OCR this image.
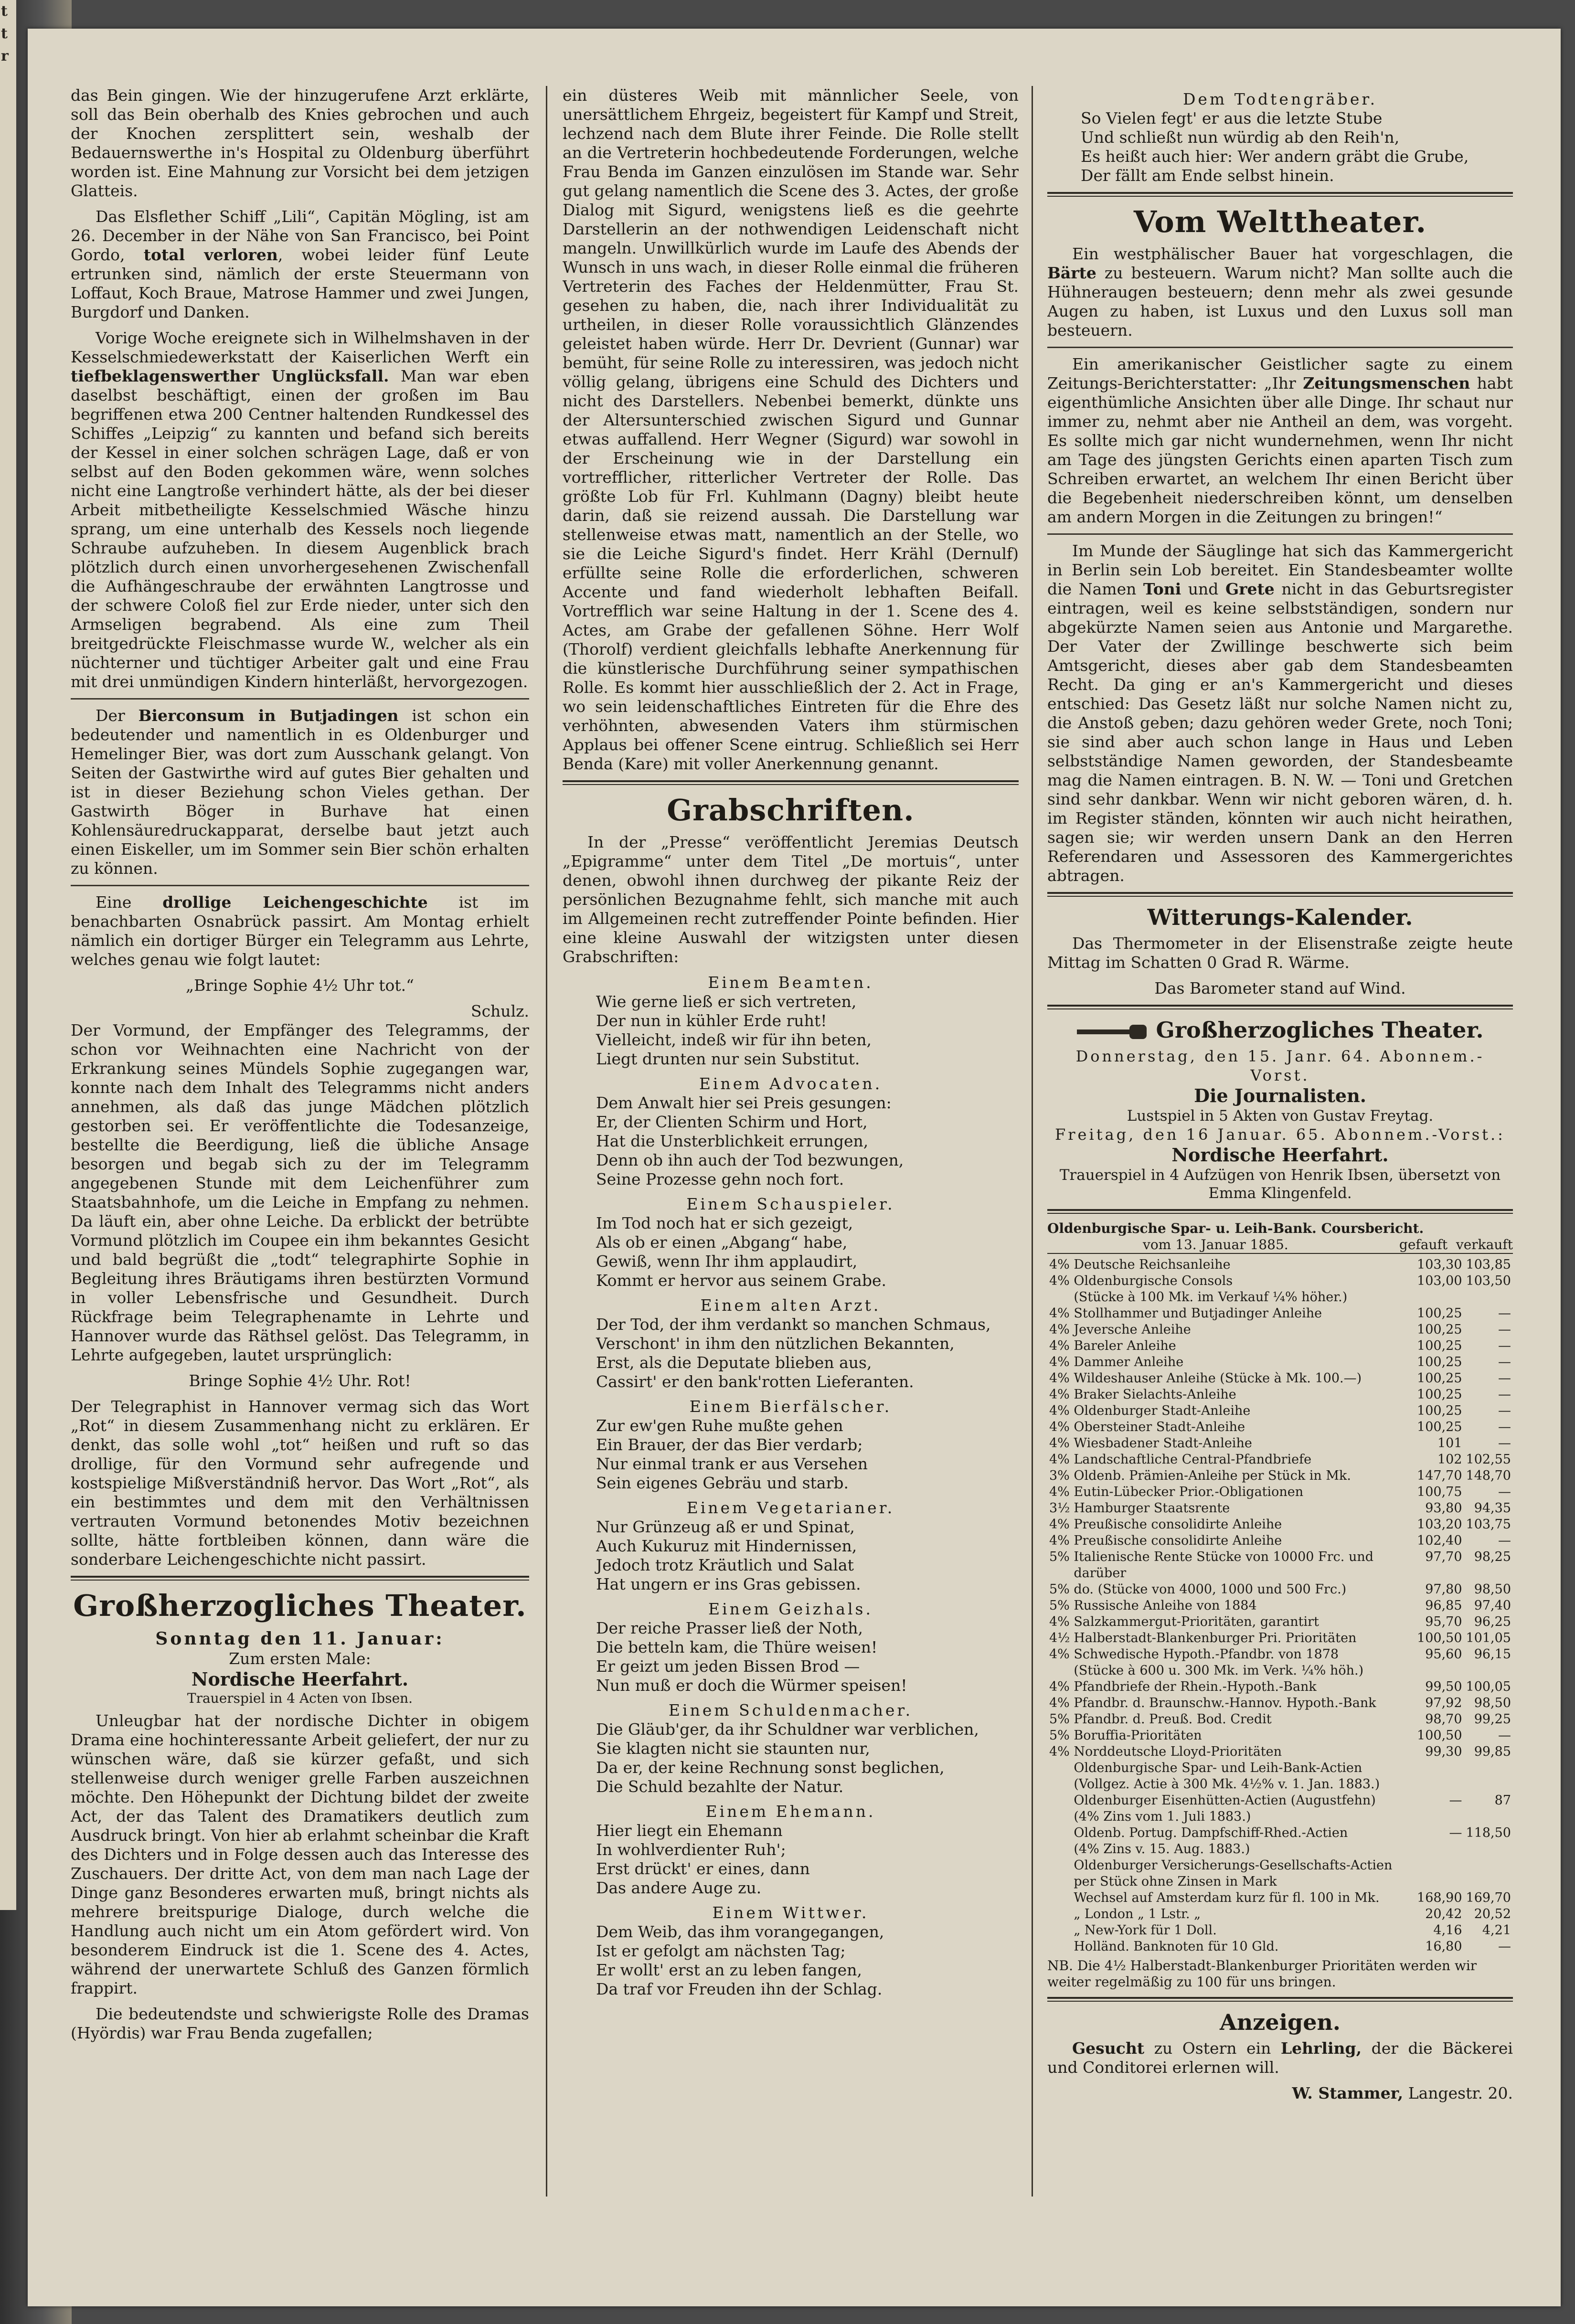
t
t
r

das Bein gingen. Wie der hinzugerufene Arzt erklärte, soll das Bein oberhalb des Knies gebrochen und auch der Knochen zersplittert sein, weshalb der Bedauernswerthe in's Hospital zu Oldenburg überführt worden ist. Eine Mahnung zur Vorsicht bei dem jetzigen Glatteis.

Das Elsflether Schiff „Lili“, Capitän Mögling, ist am 26. December in der Nähe von San Francisco, bei Point Gordo, total verloren, wobei leider fünf Leute ertrunken sind, nämlich der erste Steuermann von Loffaut, Koch Braue, Matrose Hammer und zwei Jungen, Burgdorf und Danken.

Vorige Woche ereignete sich in Wilhelmshaven in der Kesselschmiedewerkstatt der Kaiserlichen Werft ein tiefbeklagenswerther Unglücksfall. Man war eben daselbst beschäftigt, einen der großen im Bau begriffenen etwa 200 Centner haltenden Rundkessel des Schiffes „Leipzig“ zu kannten und befand sich bereits der Kessel in einer solchen schrägen Lage, daß er von selbst auf den Boden gekommen wäre, wenn solches nicht eine Langtroße verhindert hätte, als der bei dieser Arbeit mitbetheiligte Kesselschmied Wäsche hinzu sprang, um eine unterhalb des Kessels noch liegende Schraube aufzuheben. In diesem Augenblick brach plötzlich durch einen unvorhergesehenen Zwischenfall die Aufhängeschraube der erwähnten Langtrosse und der schwere Coloß fiel zur Erde nieder, unter sich den Armseligen begrabend. Als eine zum Theil breitgedrückte Fleischmasse wurde W., welcher als ein nüchterner und tüchtiger Arbeiter galt und eine Frau mit drei unmündigen Kindern hinterläßt, hervorgezogen.

Der Bierconsum in Butjadingen ist schon ein bedeutender und namentlich in es Oldenburger und Hemelinger Bier, was dort zum Ausschank gelangt. Von Seiten der Gastwirthe wird auf gutes Bier gehalten und ist in dieser Beziehung schon Vieles gethan. Der Gastwirth Böger in Burhave hat einen Kohlensäuredruckapparat, derselbe baut jetzt auch einen Eiskeller, um im Sommer sein Bier schön erhalten zu können.

Eine drollige Leichengeschichte ist im benachbarten Osnabrück passirt. Am Montag erhielt nämlich ein dortiger Bürger ein Telegramm aus Lehrte, welches genau wie folgt lautet:

„Bringe Sophie 4½ Uhr tot.“

Schulz.

Der Vormund, der Empfänger des Telegramms, der schon vor Weihnachten eine Nachricht von der Erkrankung seines Mündels Sophie zugegangen war, konnte nach dem Inhalt des Telegramms nicht anders annehmen, als daß das junge Mädchen plötzlich gestorben sei. Er veröffentlichte die Todesanzeige, bestellte die Beerdigung, ließ die übliche Ansage besorgen und begab sich zu der im Telegramm angegebenen Stunde mit dem Leichenführer zum Staatsbahnhofe, um die Leiche in Empfang zu nehmen. Da läuft ein, aber ohne Leiche. Da erblickt der betrübte Vormund plötzlich im Coupee ein ihm bekanntes Gesicht und bald begrüßt die „todt“ telegraphirte Sophie in Begleitung ihres Bräutigams ihren bestürzten Vormund in voller Lebensfrische und Gesundheit. Durch Rückfrage beim Telegraphenamte in Lehrte und Hannover wurde das Räthsel gelöst. Das Telegramm, in Lehrte aufgegeben, lautet ursprünglich:

Bringe Sophie 4½ Uhr. Rot!

Der Telegraphist in Hannover vermag sich das Wort „Rot“ in diesem Zusammenhang nicht zu erklären. Er denkt, das solle wohl „tot“ heißen und ruft so das drollige, für den Vormund sehr aufregende und kostspielige Mißverständniß hervor. Das Wort „Rot“, als ein bestimmtes und dem mit den Verhältnissen vertrauten Vormund betonendes Motiv bezeichnen sollte, hätte fortbleiben können, dann wäre die sonderbare Leichengeschichte nicht passirt.

Großherzogliches Theater.
Sonntag den 11. Januar:
Zum ersten Male:
Nordische Heerfahrt.
Trauerspiel in 4 Acten von Ibsen.

Unleugbar hat der nordische Dichter in obigem Drama eine hochinteressante Arbeit geliefert, der nur zu wünschen wäre, daß sie kürzer gefaßt, und sich stellenweise durch weniger grelle Farben auszeichnen möchte. Den Höhepunkt der Dichtung bildet der zweite Act, der das Talent des Dramatikers deutlich zum Ausdruck bringt. Von hier ab erlahmt scheinbar die Kraft des Dichters und in Folge dessen auch das Interesse des Zuschauers. Der dritte Act, von dem man nach Lage der Dinge ganz Besonderes erwarten muß, bringt nichts als mehrere breitspurige Dialoge, durch welche die Handlung auch nicht um ein Atom gefördert wird. Von besonderem Eindruck ist die 1. Scene des 4. Actes, während der unerwartete Schluß des Ganzen förmlich frappirt.

Die bedeutendste und schwierigste Rolle des Dramas (Hyördis) war Frau Benda zugefallen;

ein düsteres Weib mit männlicher Seele, von unersättlichem Ehrgeiz, begeistert für Kampf und Streit, lechzend nach dem Blute ihrer Feinde. Die Rolle stellt an die Vertreterin hochbedeutende Forderungen, welche Frau Benda im Ganzen einzulösen im Stande war. Sehr gut gelang namentlich die Scene des 3. Actes, der große Dialog mit Sigurd, wenigstens ließ es die geehrte Darstellerin an der nothwendigen Leidenschaft nicht mangeln. Unwillkürlich wurde im Laufe des Abends der Wunsch in uns wach, in dieser Rolle einmal die früheren Vertreterin des Faches der Heldenmütter, Frau St. gesehen zu haben, die, nach ihrer Individualität zu urtheilen, in dieser Rolle voraussichtlich Glänzendes geleistet haben würde. Herr Dr. Devrient (Gunnar) war bemüht, für seine Rolle zu interessiren, was jedoch nicht völlig gelang, übrigens eine Schuld des Dichters und nicht des Darstellers. Nebenbei bemerkt, dünkte uns der Altersunterschied zwischen Sigurd und Gunnar etwas auffallend. Herr Wegner (Sigurd) war sowohl in der Erscheinung wie in der Darstellung ein vortrefflicher, ritterlicher Vertreter der Rolle. Das größte Lob für Frl. Kuhlmann (Dagny) bleibt heute darin, daß sie reizend aussah. Die Darstellung war stellenweise etwas matt, namentlich an der Stelle, wo sie die Leiche Sigurd's findet. Herr Krähl (Dernulf) erfüllte seine Rolle die erforderlichen, schweren Accente und fand wiederholt lebhaften Beifall. Vortrefflich war seine Haltung in der 1. Scene des 4. Actes, am Grabe der gefallenen Söhne. Herr Wolf (Thorolf) verdient gleichfalls lebhafte Anerkennung für die künstlerische Durchführung seiner sympathischen Rolle. Es kommt hier ausschließlich der 2. Act in Frage, wo sein leidenschaftliches Eintreten für die Ehre des verhöhnten, abwesenden Vaters ihm stürmischen Applaus bei offener Scene eintrug. Schließlich sei Herr Benda (Kare) mit voller Anerkennung genannt.

Grabschriften.

In der „Presse“ veröffentlicht Jeremias Deutsch „Epigramme“ unter dem Titel „De mortuis“, unter denen, obwohl ihnen durchweg der pikante Reiz der persönlichen Bezugnahme fehlt, sich manche mit auch im Allgemeinen recht zutreffender Pointe befinden. Hier eine kleine Auswahl der witzigsten unter diesen Grabschriften:

Einem Beamten.
Wie gerne ließ er sich vertreten,
Der nun in kühler Erde ruht!
Vielleicht, indeß wir für ihn beten,
Liegt drunten nur sein Substitut.
Einem Advocaten.
Dem Anwalt hier sei Preis gesungen:
Er, der Clienten Schirm und Hort,
Hat die Unsterblichkeit errungen,
Denn ob ihn auch der Tod bezwungen,
Seine Prozesse gehn noch fort.
Einem Schauspieler.
Im Tod noch hat er sich gezeigt,
Als ob er einen „Abgang“ habe,
Gewiß, wenn Ihr ihm applaudirt,
Kommt er hervor aus seinem Grabe.
Einem alten Arzt.
Der Tod, der ihm verdankt so manchen Schmaus,
Verschont' in ihm den nützlichen Bekannten,
Erst, als die Deputate blieben aus,
Cassirt' er den bank'rotten Lieferanten.
Einem Bierfälscher.
Zur ew'gen Ruhe mußte gehen
Ein Brauer, der das Bier verdarb;
Nur einmal trank er aus Versehen
Sein eigenes Gebräu und starb.
Einem Vegetarianer.
Nur Grünzeug aß er und Spinat,
Auch Kukuruz mit Hindernissen,
Jedoch trotz Kräutlich und Salat
Hat ungern er ins Gras gebissen.
Einem Geizhals.
Der reiche Prasser ließ der Noth,
Die betteln kam, die Thüre weisen!
Er geizt um jeden Bissen Brod —
Nun muß er doch die Würmer speisen!
Einem Schuldenmacher.
Die Gläub'ger, da ihr Schuldner war verblichen,
Sie klagten nicht sie staunten nur,
Da er, der keine Rechnung sonst beglichen,
Die Schuld bezahlte der Natur.
Einem Ehemann.
Hier liegt ein Ehemann
In wohlverdienter Ruh';
Erst drückt' er eines, dann
Das andere Auge zu.
Einem Wittwer.
Dem Weib, das ihm vorangegangen,
Ist er gefolgt am nächsten Tag;
Er wollt' erst an zu leben fangen,
Da traf vor Freuden ihn der Schlag.
Dem Todtengräber.
So Vielen fegt' er aus die letzte Stube
Und schließt nun würdig ab den Reih'n,
Es heißt auch hier: Wer andern gräbt die Grube,
Der fällt am Ende selbst hinein.
Vom Welttheater.

Ein westphälischer Bauer hat vorgeschlagen, die Bärte zu besteuern. Warum nicht? Man sollte auch die Hühneraugen besteuern; denn mehr als zwei gesunde Augen zu haben, ist Luxus und den Luxus soll man besteuern.

Ein amerikanischer Geistlicher sagte zu einem Zeitungs-Berichterstatter: „Ihr Zeitungsmenschen habt eigenthümliche Ansichten über alle Dinge. Ihr schaut nur immer zu, nehmt aber nie Antheil an dem, was vorgeht. Es sollte mich gar nicht wundernehmen, wenn Ihr nicht am Tage des jüngsten Gerichts einen aparten Tisch zum Schreiben erwartet, an welchem Ihr einen Bericht über die Begebenheit niederschreiben könnt, um denselben am andern Morgen in die Zeitungen zu bringen!“

Im Munde der Säuglinge hat sich das Kammergericht in Berlin sein Lob bereitet. Ein Standesbeamter wollte die Namen Toni und Grete nicht in das Geburtsregister eintragen, weil es keine selbstständigen, sondern nur abgekürzte Namen seien aus Antonie und Margarethe. Der Vater der Zwillinge beschwerte sich beim Amtsgericht, dieses aber gab dem Standesbeamten Recht. Da ging er an's Kammergericht und dieses entschied: Das Gesetz läßt nur solche Namen nicht zu, die Anstoß geben; dazu gehören weder Grete, noch Toni; sie sind aber auch schon lange in Haus und Leben selbstständige Namen geworden, der Standesbeamte mag die Namen eintragen. B. N. W. — Toni und Gretchen sind sehr dankbar. Wenn wir nicht geboren wären, d. h. im Register ständen, könnten wir auch nicht heirathen, sagen sie; wir werden unsern Dank an den Herren Referendaren und Assessoren des Kammergerichtes abtragen.

Witterungs-Kalender.

Das Thermometer in der Elisenstraße zeigte heute Mittag im Schatten 0 Grad R. Wärme.

Das Barometer stand auf Wind.

Großherzogliches Theater.
Donnerstag, den 15. Janr. 64. Abonnem.-Vorst.
Die Journalisten.
Lustspiel in 5 Akten von Gustav Freytag.
Freitag, den 16 Januar. 65. Abonnem.-Vorst.:
Nordische Heerfahrt.
Trauerspiel in 4 Aufzügen von Henrik Ibsen, übersetzt von Emma Klingenfeld.
Oldenburgische Spar- u. Leih-Bank. Coursbericht.
vom 13. Januar 1885.	gefauft verkauft
4%	Deutsche Reichsanleihe	103,30	103,85
4%	Oldenburgische Consols	103,00	103,50
	(Stücke à 100 Mk. im Verkauf ¼% höher.)		
4%	Stollhammer und Butjadinger Anleihe	100,25	—
4%	Jeversche Anleihe	100,25	—
4%	Bareler Anleihe	100,25	—
4%	Dammer Anleihe	100,25	—
4%	Wildeshauser Anleihe (Stücke à Mk. 100.—)	100,25	—
4%	Braker Sielachts-Anleihe	100,25	—
4%	Oldenburger Stadt-Anleihe	100,25	—
4%	Obersteiner Stadt-Anleihe	100,25	—
4%	Wiesbadener Stadt-Anleihe	101	—
4%	Landschaftliche Central-Pfandbriefe	102	102,55
3%	Oldenb. Prämien-Anleihe per Stück in Mk.	147,70	148,70
4%	Eutin-Lübecker Prior.-Obligationen	100,75	—
3½	Hamburger Staatsrente	93,80	94,35
4%	Preußische consolidirte Anleihe	103,20	103,75
4%	Preußische consolidirte Anleihe	102,40	—
5%	Italienische Rente Stücke von 10000 Frc. und darüber	97,70	98,25
5%	do. (Stücke von 4000, 1000 und 500 Frc.)	97,80	98,50
5%	Russische Anleihe von 1884	96,85	97,40
4%	Salzkammergut-Prioritäten, garantirt	95,70	96,25
4½	Halberstadt-Blankenburger Pri. Prioritäten	100,50	101,05
4%	Schwedische Hypoth.-Pfandbr. von 1878	95,60	96,15
	(Stücke à 600 u. 300 Mk. im Verk. ¼% höh.)		
4%	Pfandbriefe der Rhein.-Hypoth.-Bank	99,50	100,05
4%	Pfandbr. d. Braunschw.-Hannov. Hypoth.-Bank	97,92	98,50
5%	Pfandbr. d. Preuß. Bod. Credit	98,70	99,25
5%	Boruffia-Prioritäten	100,50	—
4%	Norddeutsche Lloyd-Prioritäten	99,30	99,85
	Oldenburgische Spar- und Leih-Bank-Actien		
	(Vollgez. Actie à 300 Mk. 4½% v. 1. Jan. 1883.)		
	Oldenburger Eisenhütten-Actien (Augustfehn)	—	87
	(4% Zins vom 1. Juli 1883.)		
	Oldenb. Portug. Dampfschiff-Rhed.-Actien	—	118,50
	(4% Zins v. 15. Aug. 1883.)		
	Oldenburger Versicherungs-Gesellschafts-Actien per Stück ohne Zinsen in Mark		
	Wechsel auf Amsterdam kurz für fl. 100 in Mk.	168,90	169,70
	„ London „ 1 Lstr. „	20,42	20,52
	„ New-York für 1 Doll.	4,16	4,21
	Holländ. Banknoten für 10 Gld.	16,80	—
NB. Die 4½ Halberstadt-Blankenburger Prioritäten werden wir weiter regelmäßig zu 100 für uns bringen.
Anzeigen.

Gesucht zu Ostern ein Lehrling, der die Bäckerei und Conditorei erlernen will.

W. Stammer, Langestr. 20.
